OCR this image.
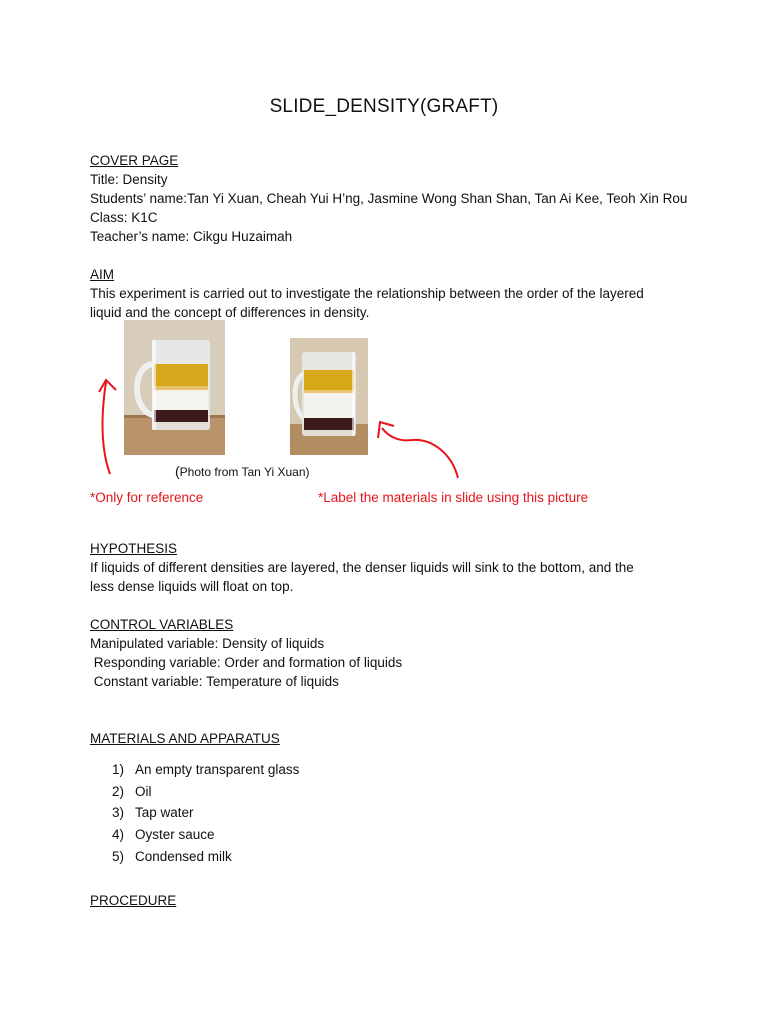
SLIDE_DENSITY(GRAFT)
COVER PAGE
Title: Density
Students’ name:Tan Yi Xuan, Cheah Yui H’ng, Jasmine Wong Shan Shan, Tan Ai Kee, Teoh Xin Rou
Class: K1C
Teacher’s name: Cikgu Huzaimah
AIM
This experiment is carried out to investigate the relationship between the order of the layered
liquid and the concept of differences in density.
(Photo from Tan Yi Xuan)
*Only for reference	*Label the materials in slide using this picture
HYPOTHESIS
If liquids of different densities are layered, the denser liquids will sink to the bottom, and the
less dense liquids will float on top.
CONTROL VARIABLES
Manipulated variable: Density of liquids
Responding variable: Order and formation of liquids
Constant variable: Temperature of liquids
MATERIALS AND APPARATUS
1) An empty transparent glass
2) Oil
3) Tap water
4) Oyster sauce
5) Condensed milk
PROCEDURE
